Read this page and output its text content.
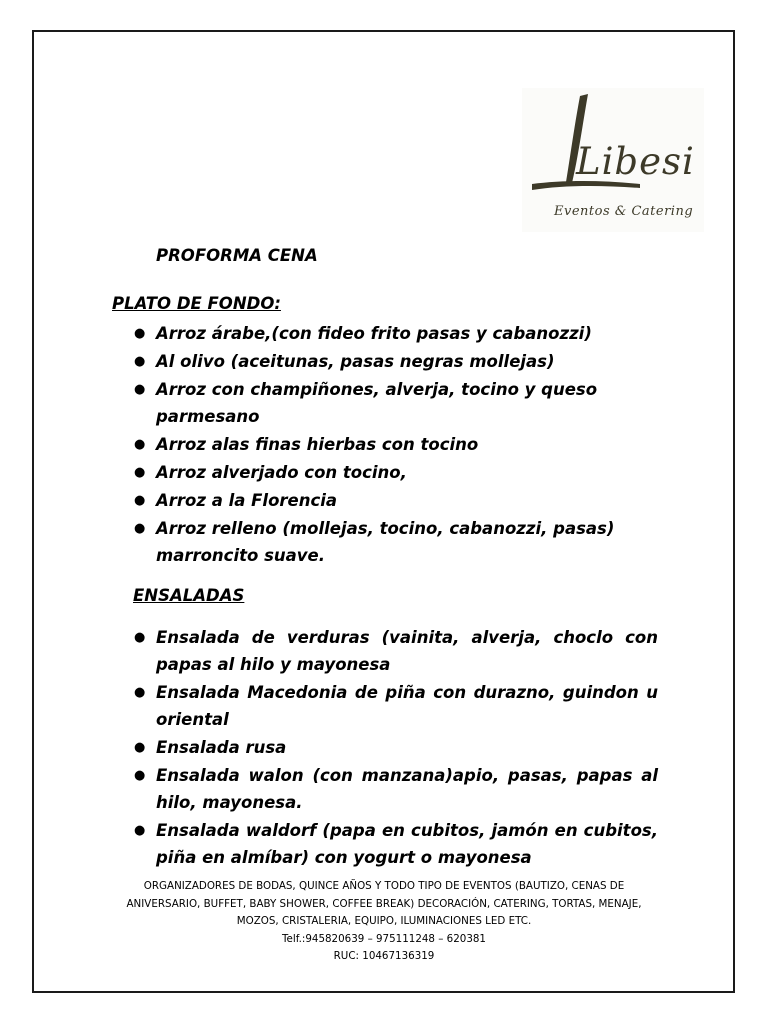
Libesi
Eventos & Catering
PROFORMA CENA
PLATO DE FONDO:
● Arroz árabe,(con fideo frito pasas y cabanozzi)
● Al olivo (aceitunas, pasas negras mollejas)
● Arroz con champiñones, alverja, tocino y queso parmesano
● Arroz alas finas hierbas con tocino
● Arroz alverjado con tocino,
● Arroz a la Florencia
● Arroz relleno (mollejas, tocino, cabanozzi, pasas) marroncito suave.
ENSALADAS
● Ensalada de verduras (vainita, alverja, choclo con papas al hilo y mayonesa
● Ensalada Macedonia de piña con durazno, guindon u oriental
● Ensalada rusa
● Ensalada walon (con manzana)apio, pasas, papas al hilo, mayonesa.
● Ensalada waldorf (papa en cubitos, jamón en cubitos, piña en almíbar) con yogurt o mayonesa
ORGANIZADORES DE BODAS, QUINCE AÑOS Y TODO TIPO DE EVENTOS (BAUTIZO, CENAS DE
ANIVERSARIO, BUFFET, BABY SHOWER, COFFEE BREAK) DECORACIÓN, CATERING, TORTAS, MENAJE,
MOZOS, CRISTALERIA, EQUIPO, ILUMINACIONES LED ETC.
Telf.:945820639 – 975111248 – 620381
RUC: 10467136319
